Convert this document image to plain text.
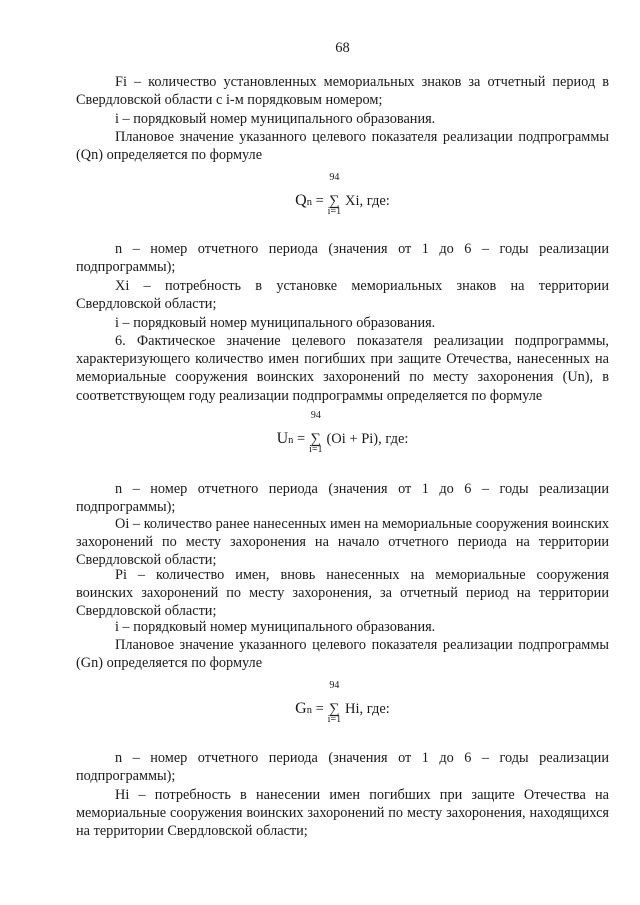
68

Fi – количество установленных мемориальных знаков за отчетный период в Свердловской области с i-м порядковым номером;

i – порядковый номер муниципального образования.

Плановое значение указанного целевого показателя реализации подпрограммы (Qn) определяется по формуле

Qn =
94
∑
i=1
Xi, где:

n – номер отчетного периода (значения от 1 до 6 – годы реализации подпрограммы);

Xi – потребность в установке мемориальных знаков на территории Свердловской области;

i – порядковый номер муниципального образования.

6. Фактическое значение целевого показателя реализации подпрограммы, характеризующего количество имен погибших при защите Отечества, нанесенных на мемориальные сооружения воинских захоронений по месту захоронения (Un), в соответствующем году реализации подпрограммы определяется по формуле

Un =
94
∑
i=1
(Oi + Pi), где:

n – номер отчетного периода (значения от 1 до 6 – годы реализации подпрограммы);

Oi – количество ранее нанесенных имен на мемориальные сооружения воинских захоронений по месту захоронения на начало отчетного периода на территории Свердловской области;

Pi – количество имен, вновь нанесенных на мемориальные сооружения воинских захоронений по месту захоронения, за отчетный период на территории Свердловской области;

i – порядковый номер муниципального образования.

Плановое значение указанного целевого показателя реализации подпрограммы (Gn) определяется по формуле

Gn =
94
∑
i=1
Hi, где:

n – номер отчетного периода (значения от 1 до 6 – годы реализации подпрограммы);

Hi – потребность в нанесении имен погибших при защите Отечества на мемориальные сооружения воинских захоронений по месту захоронения, находящихся на территории Свердловской области;
